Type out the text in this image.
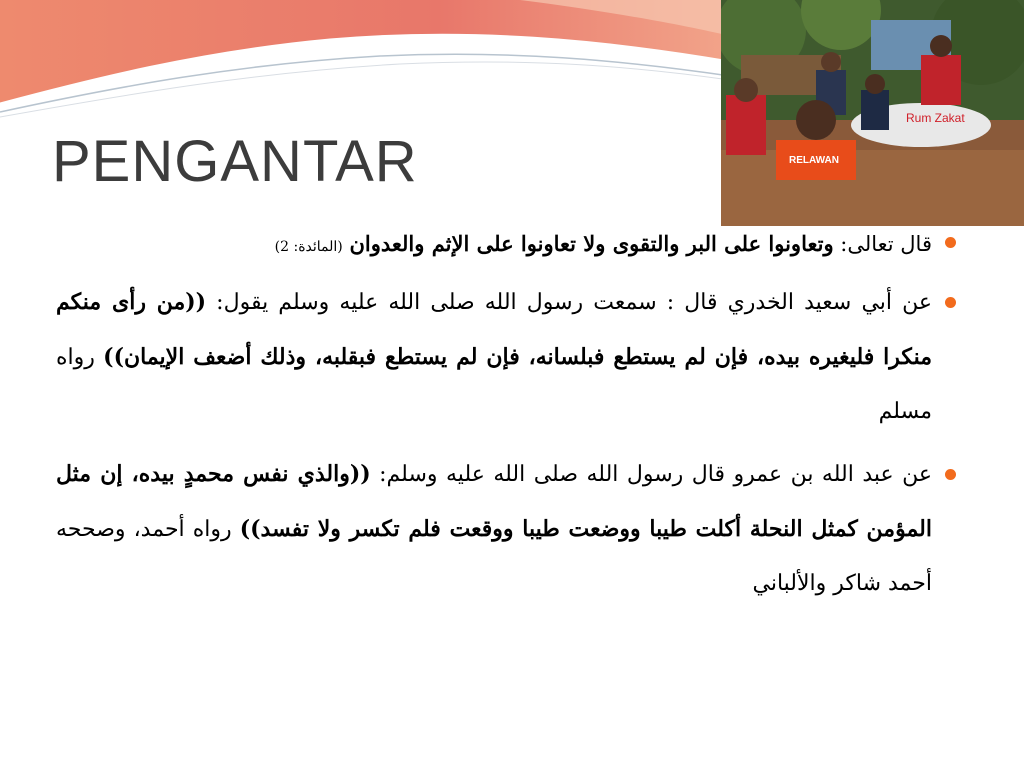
Rum Zakat
RELAWAN
PENGANTAR
قال تعالى: وتعاونوا على البر والتقوى ولا تعاونوا على الإثم والعدوان (المائدة: 2)
عن أبي سعيد الخدري قال : سمعت رسول الله صلى الله عليه وسلم يقول: ((من رأى منكم منكرا فليغيره بيده، فإن لم يستطع فبلسانه، فإن لم يستطع فبقلبه، وذلك أضعف الإيمان)) رواه مسلم
عن عبد الله بن عمرو قال رسول الله صلى الله عليه وسلم: ((والذي نفس محمدٍ بيده، إن مثل المؤمن كمثل النحلة أكلت طيبا ووضعت طيبا ووقعت فلم تكسر ولا تفسد)) رواه أحمد، وصححه أحمد شاكر والألباني
